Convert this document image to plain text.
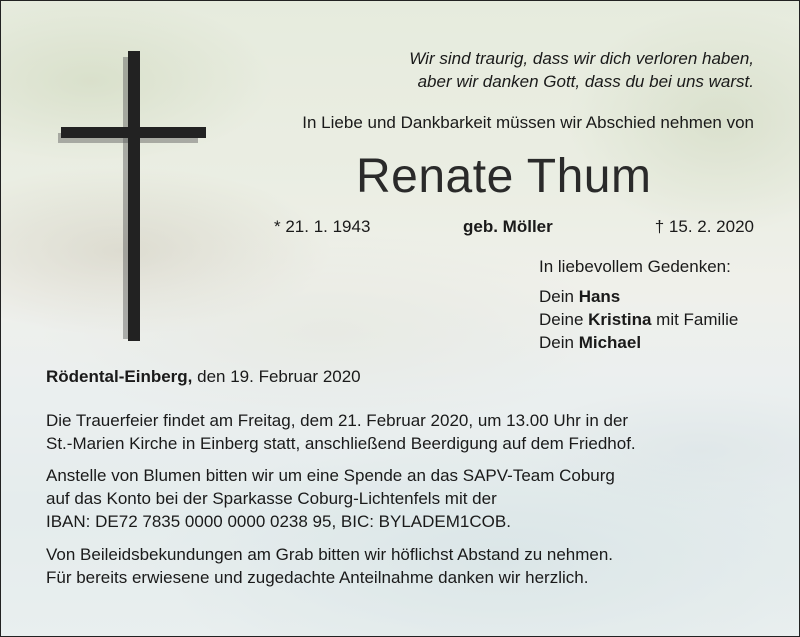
Wir sind traurig, dass wir dich verloren haben,
aber wir danken Gott, dass du bei uns warst.
In Liebe und Dankbarkeit müssen wir Abschied nehmen von
Renate Thum
* 21. 1. 1943	geb. Möller	† 15. 2. 2020
In liebevollem Gedenken:
Dein Hans
Deine Kristina mit Familie
Dein Michael
Rödental-Einberg, den 19. Februar 2020
Die Trauerfeier findet am Freitag, dem 21. Februar 2020, um 13.00 Uhr in der
St.-Marien Kirche in Einberg statt, anschließend Beerdigung auf dem Friedhof.
Anstelle von Blumen bitten wir um eine Spende an das SAPV-Team Coburg
auf das Konto bei der Sparkasse Coburg-Lichtenfels mit der
IBAN: DE72 7835 0000 0000 0238 95, BIC: BYLADEM1COB.
Von Beileidsbekundungen am Grab bitten wir höflichst Abstand zu nehmen.
Für bereits erwiesene und zugedachte Anteilnahme danken wir herzlich.
